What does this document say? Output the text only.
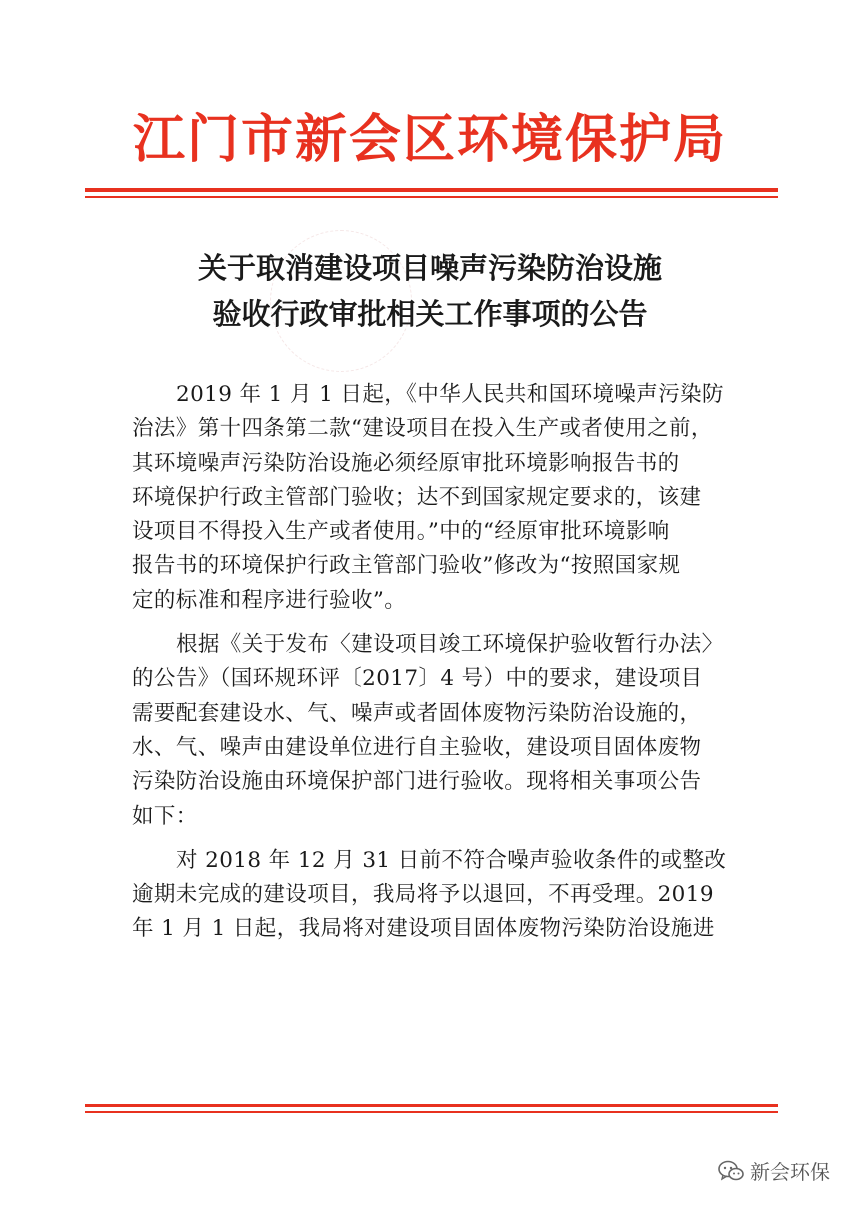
江门市新会区环境保护局
关于取消建设项目噪声污染防治设施
验收行政审批相关工作事项的公告
2019 年 1 月 1 日起，《中华人民共和国环境噪声污染防
治法》第十四条第二款“建设项目在投入生产或者使用之前，
其环境噪声污染防治设施必须经原审批环境影响报告书的
环境保护行政主管部门验收；达不到国家规定要求的，该建
设项目不得投入生产或者使用。”中的“经原审批环境影响
报告书的环境保护行政主管部门验收”修改为“按照国家规
定的标准和程序进行验收”。
根据《关于发布〈建设项目竣工环境保护验收暂行办法〉
的公告》（国环规环评〔2017〕4 号）中的要求，建设项目
需要配套建设水、气、噪声或者固体废物污染防治设施的，
水、气、噪声由建设单位进行自主验收，建设项目固体废物
污染防治设施由环境保护部门进行验收。现将相关事项公告
如下：
对 2018 年 12 月 31 日前不符合噪声验收条件的或整改
逾期未完成的建设项目，我局将予以退回，不再受理。2019
年 1 月 1 日起，我局将对建设项目固体废物污染防治设施进
新会环保
